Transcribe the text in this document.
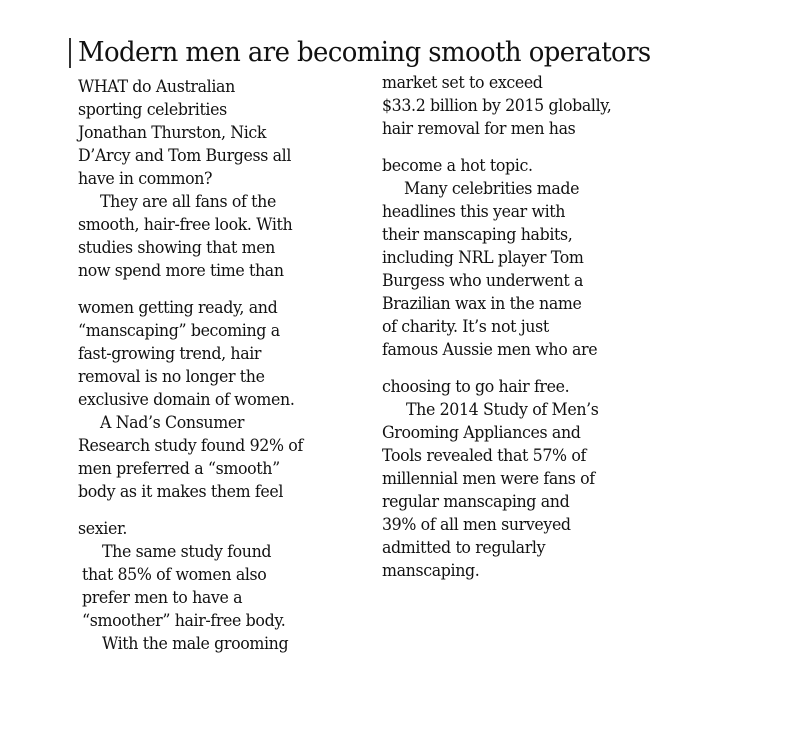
Modern men are becoming smooth operators
WHAT do Australian
sporting celebrities
Jonathan Thurston, Nick
D’Arcy and Tom Burgess all
have in common?
They are all fans of the
smooth, hair-free look. With
studies showing that men
now spend more time than
women getting ready, and
“manscaping” becoming a
fast-growing trend, hair
removal is no longer the
exclusive domain of women.
A Nad’s Consumer
Research study found 92% of
men preferred a “smooth”
body as it makes them feel
sexier.
The same study found
that 85% of women also
prefer men to have a
“smoother” hair-free body.
With the male grooming
market set to exceed
$33.2 billion by 2015 globally,
hair removal for men has
become a hot topic.
Many celebrities made
headlines this year with
their manscaping habits,
including NRL player Tom
Burgess who underwent a
Brazilian wax in the name
of charity. It’s not just
famous Aussie men who are
choosing to go hair free.
The 2014 Study of Men’s
Grooming Appliances and
Tools revealed that 57% of
millennial men were fans of
regular manscaping and
39% of all men surveyed
admitted to regularly
manscaping.
